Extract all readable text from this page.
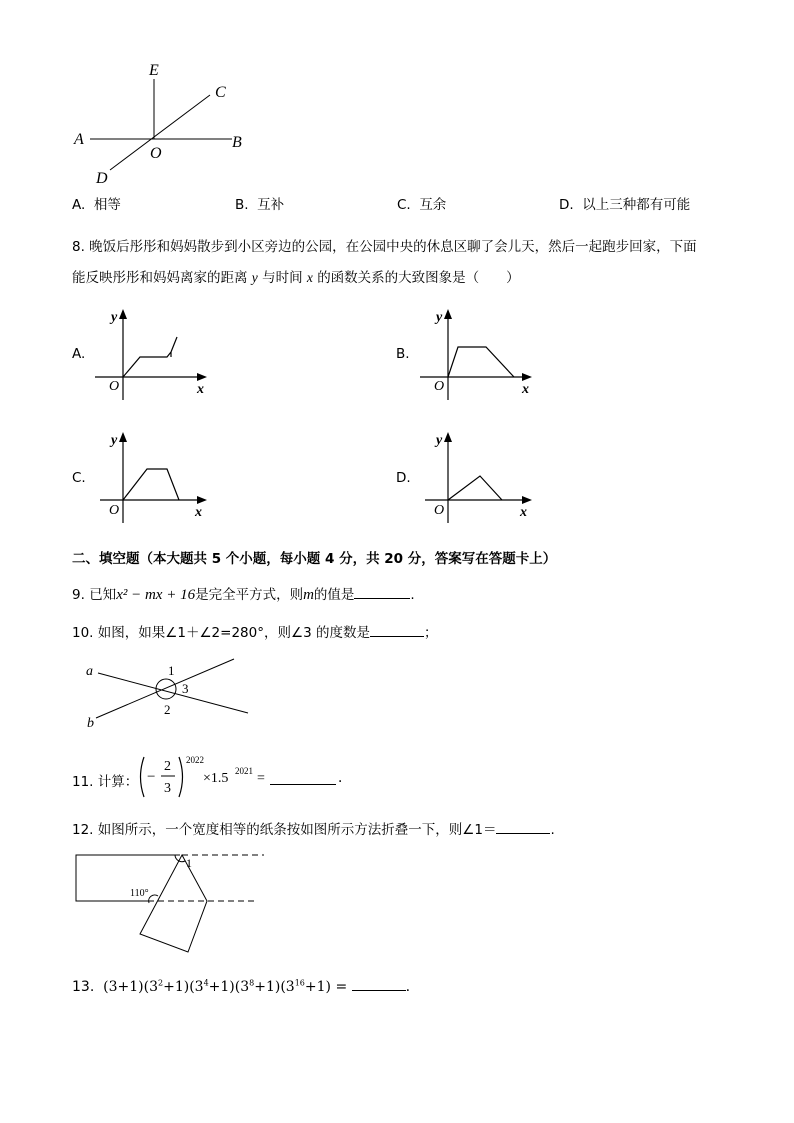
E
C
A
O
B
D
A. 相等	B. 互补	C. 互余	D. 以上三种都有可能
8. 晚饭后彤彤和妈妈散步到小区旁边的公园，在公园中央的休息区聊了会儿天，然后一起跑步回家，下面
能反映彤彤和妈妈离家的距离 y 与时间 x 的函数关系的大致图象是（　　）
A.	B.
C.	D.
y
x
O
y
x
O
y
x
O
y
x
O
二、填空题（本大题共 5 个小题，每小题 4 分，共 20 分，答案写在答题卡上）
9. 已知x² − mx + 16是完全平方式，则m的值是	.
10. 如图，如果∠1＋∠2=280°，则∠3 的度数是	；
a
b
1
2
3
11. 计算： −
2
3
2022
×1.5 2021 =	.
12. 如图所示，一个宽度相等的纸条按如图所示方法折叠一下，则∠1＝	.
110°
1
13. $(3+1)(3^2+1)(3^4+1)(3^8+1)(3^{16}+1)$ =	.
